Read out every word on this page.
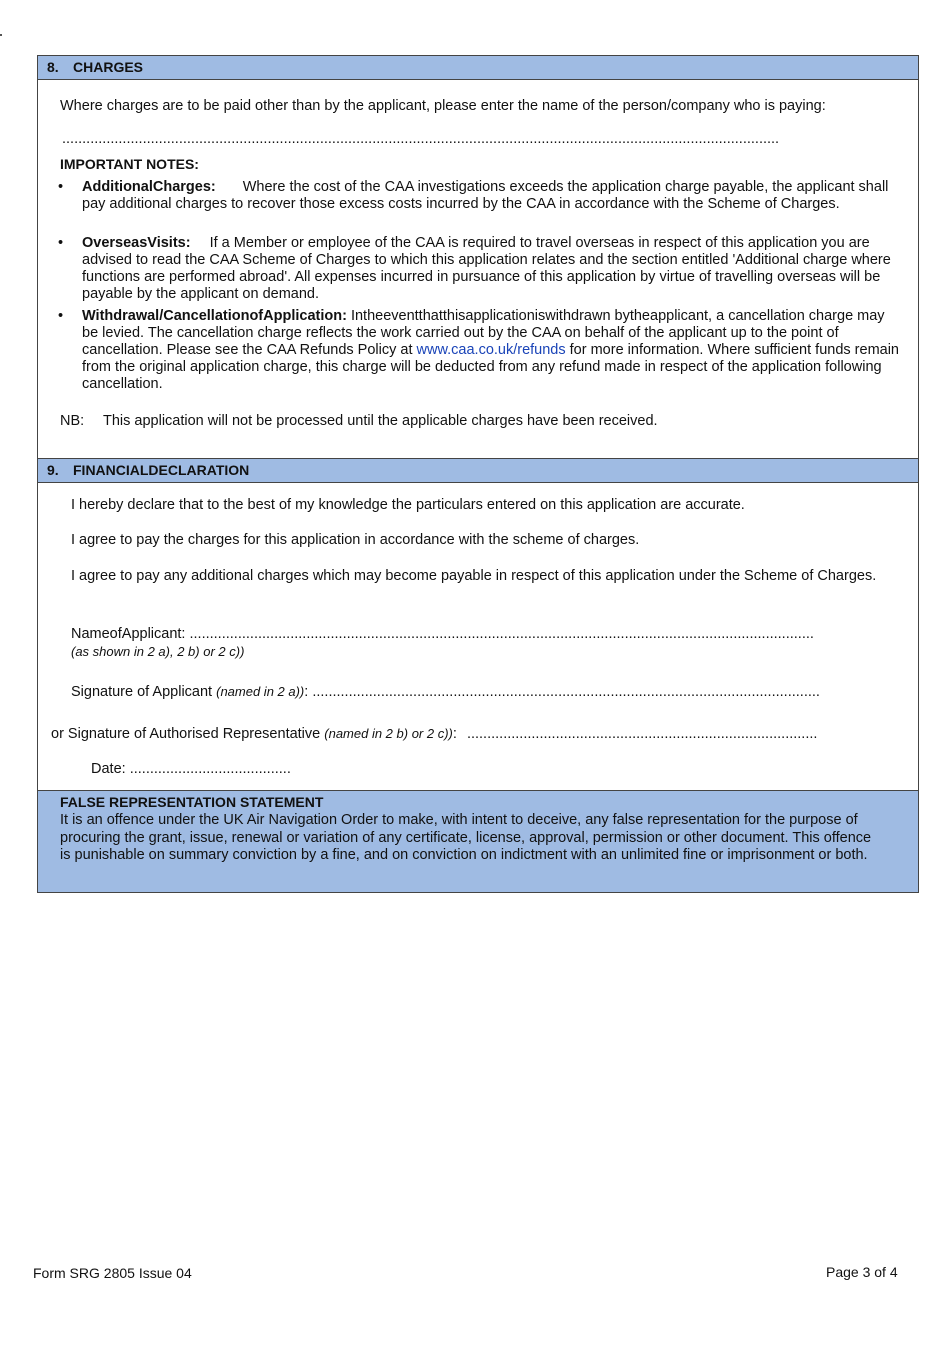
8. CHARGES
Where charges are to be paid other than by the applicant, please enter the name of the person/company who is paying:
..................................................................................................................................................................................
IMPORTANT NOTES:
• AdditionalCharges: Where the cost of the CAA investigations exceeds the application charge payable, the applicant shall pay additional charges to recover those excess costs incurred by the CAA in accordance with the Scheme of Charges.
• OverseasVisits: If a Member or employee of the CAA is required to travel overseas in respect of this application you are advised to read the CAA Scheme of Charges to which this application relates and the section entitled 'Additional charge where functions are performed abroad'. All expenses incurred in pursuance of this application by virtue of travelling overseas will be payable by the applicant on demand.
• Withdrawal/CancellationofApplication: Intheeventthatthisapplicationiswithdrawn bytheapplicant, a cancellation charge may be levied. The cancellation charge reflects the work carried out by the CAA on behalf of the applicant up to the point of cancellation. Please see the CAA Refunds Policy at www.caa.co.uk/refunds for more information. Where sufficient funds remain from the original application charge, this charge will be deducted from any refund made in respect of the application following cancellation.
NB: This application will not be processed until the applicable charges have been received.
9. FINANCIALDECLARATION
I hereby declare that to the best of my knowledge the particulars entered on this application are accurate.
I agree to pay the charges for this application in accordance with the scheme of charges.
I agree to pay any additional charges which may become payable in respect of this application under the Scheme of Charges.
NameofApplicant: ...........................................................................................................................................................
(as shown in 2 a), 2 b) or 2 c))
Signature of Applicant (named in 2 a)): ..............................................................................................................................
or Signature of Authorised Representative (named in 2 b) or 2 c)): .......................................................................................
Date: ........................................
FALSE REPRESENTATION STATEMENT
It is an offence under the UK Air Navigation Order to make, with intent to deceive, any false representation for the purpose of procuring the grant, issue, renewal or variation of any certificate, license, approval, permission or other document. This offence is punishable on summary conviction by a fine, and on conviction on indictment with an unlimited fine or imprisonment or both.
Form SRG 2805 Issue 04	Page 3 of 4
